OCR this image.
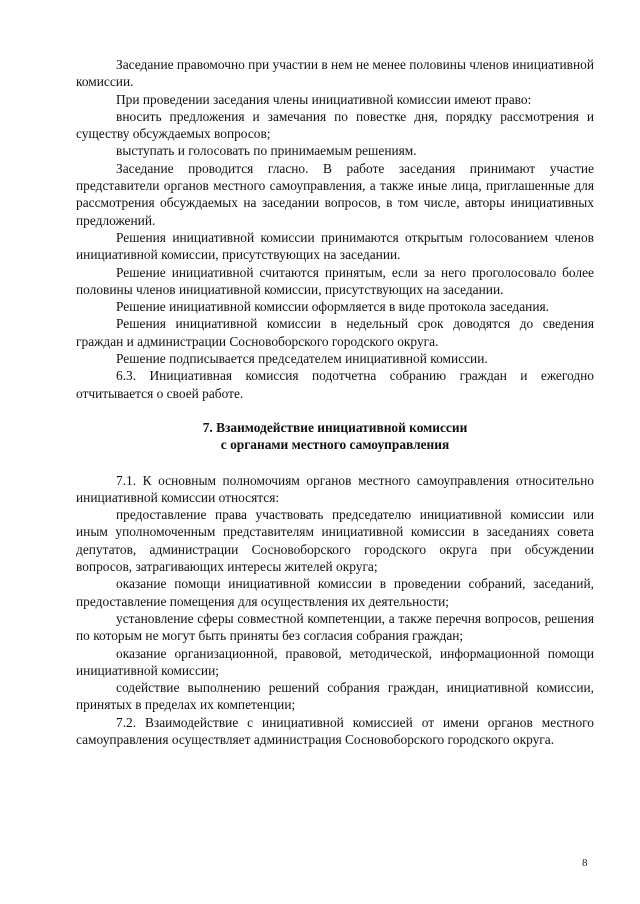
Заседание правомочно при участии в нем не менее половины членов инициативной комиссии.

При проведении заседания члены инициативной комиссии имеют право:

вносить предложения и замечания по повестке дня, порядку рассмотрения и существу обсуждаемых вопросов;

выступать и голосовать по принимаемым решениям.

Заседание проводится гласно. В работе заседания принимают участие представители органов местного самоуправления, а также иные лица, приглашенные для рассмотрения обсуждаемых на заседании вопросов, в том числе, авторы инициативных предложений.

Решения инициативной комиссии принимаются открытым голосованием членов инициативной комиссии, присутствующих на заседании.

Решение инициативной считаются принятым, если за него проголосовало более половины членов инициативной комиссии, присутствующих на заседании.

Решение инициативной комиссии оформляется в виде протокола заседания.

Решения инициативной комиссии в недельный срок доводятся до сведения граждан и администрации Сосновоборского городского округа.

Решение подписывается председателем инициативной комиссии.

6.3. Инициативная комиссия подотчетна собранию граждан и ежегодно отчитывается о своей работе.

7. Взаимодействие инициативной комиссии

с органами местного самоуправления

7.1. К основным полномочиям органов местного самоуправления относительно инициативной комиссии относятся:

предоставление права участвовать председателю инициативной комиссии или иным уполномоченным представителям инициативной комиссии в заседаниях совета депутатов, администрации Сосновоборского городского округа при обсуждении вопросов, затрагивающих интересы жителей округа;

оказание помощи инициативной комиссии в проведении собраний, заседаний, предоставление помещения для осуществления их деятельности;

установление сферы совместной компетенции, а также перечня вопросов, решения по которым не могут быть приняты без согласия собрания граждан;

оказание организационной, правовой, методической, информационной помощи инициативной комиссии;

содействие выполнению решений собрания граждан, инициативной комиссии, принятых в пределах их компетенции;

7.2. Взаимодействие с инициативной комиссией от имени органов местного самоуправления осуществляет администрация Сосновоборского городского округа.

8
